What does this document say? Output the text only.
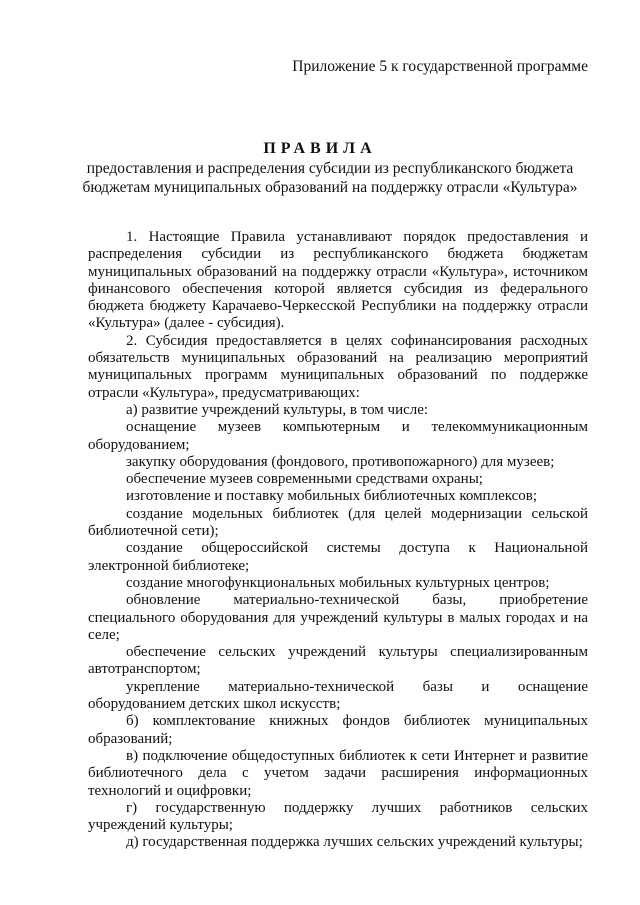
Приложение 5 к государственной программе
ПРАВИЛА
предоставления и распределения субсидии из республиканского бюджета бюджетам муниципальных образований на поддержку отрасли «Культура»

1. Настоящие Правила устанавливают порядок предоставления и распределения субсидии из республиканского бюджета бюджетам муниципальных образований на поддержку отрасли «Культура», источником финансового обеспечения которой является субсидия из федерального бюджета бюджету Карачаево-Черкесской Республики на поддержку отрасли «Культура» (далее - субсидия).

2. Субсидия предоставляется в целях софинансирования расходных обязательств муниципальных образований на реализацию мероприятий муниципальных программ муниципальных образований по поддержке отрасли «Культура», предусматривающих:

а) развитие учреждений культуры, в том числе:

оснащение музеев компьютерным и телекоммуникационным оборудованием;

закупку оборудования (фондового, противопожарного) для музеев;

обеспечение музеев современными средствами охраны;

изготовление и поставку мобильных библиотечных комплексов;

создание модельных библиотек (для целей модернизации сельской библиотечной сети);

создание общероссийской системы доступа к Национальной электронной библиотеке;

создание многофункциональных мобильных культурных центров;

обновление материально-технической базы, приобретение специального оборудования для учреждений культуры в малых городах и на селе;

обеспечение сельских учреждений культуры специализированным автотранспортом;

укрепление материально-технической базы и оснащение оборудованием детских школ искусств;

б) комплектование книжных фондов библиотек муниципальных образований;

в) подключение общедоступных библиотек к сети Интернет и развитие библиотечного дела с учетом задачи расширения информационных технологий и оцифровки;

г) государственную поддержку лучших работников сельских учреждений культуры;

д) государственная поддержка лучших сельских учреждений культуры;
